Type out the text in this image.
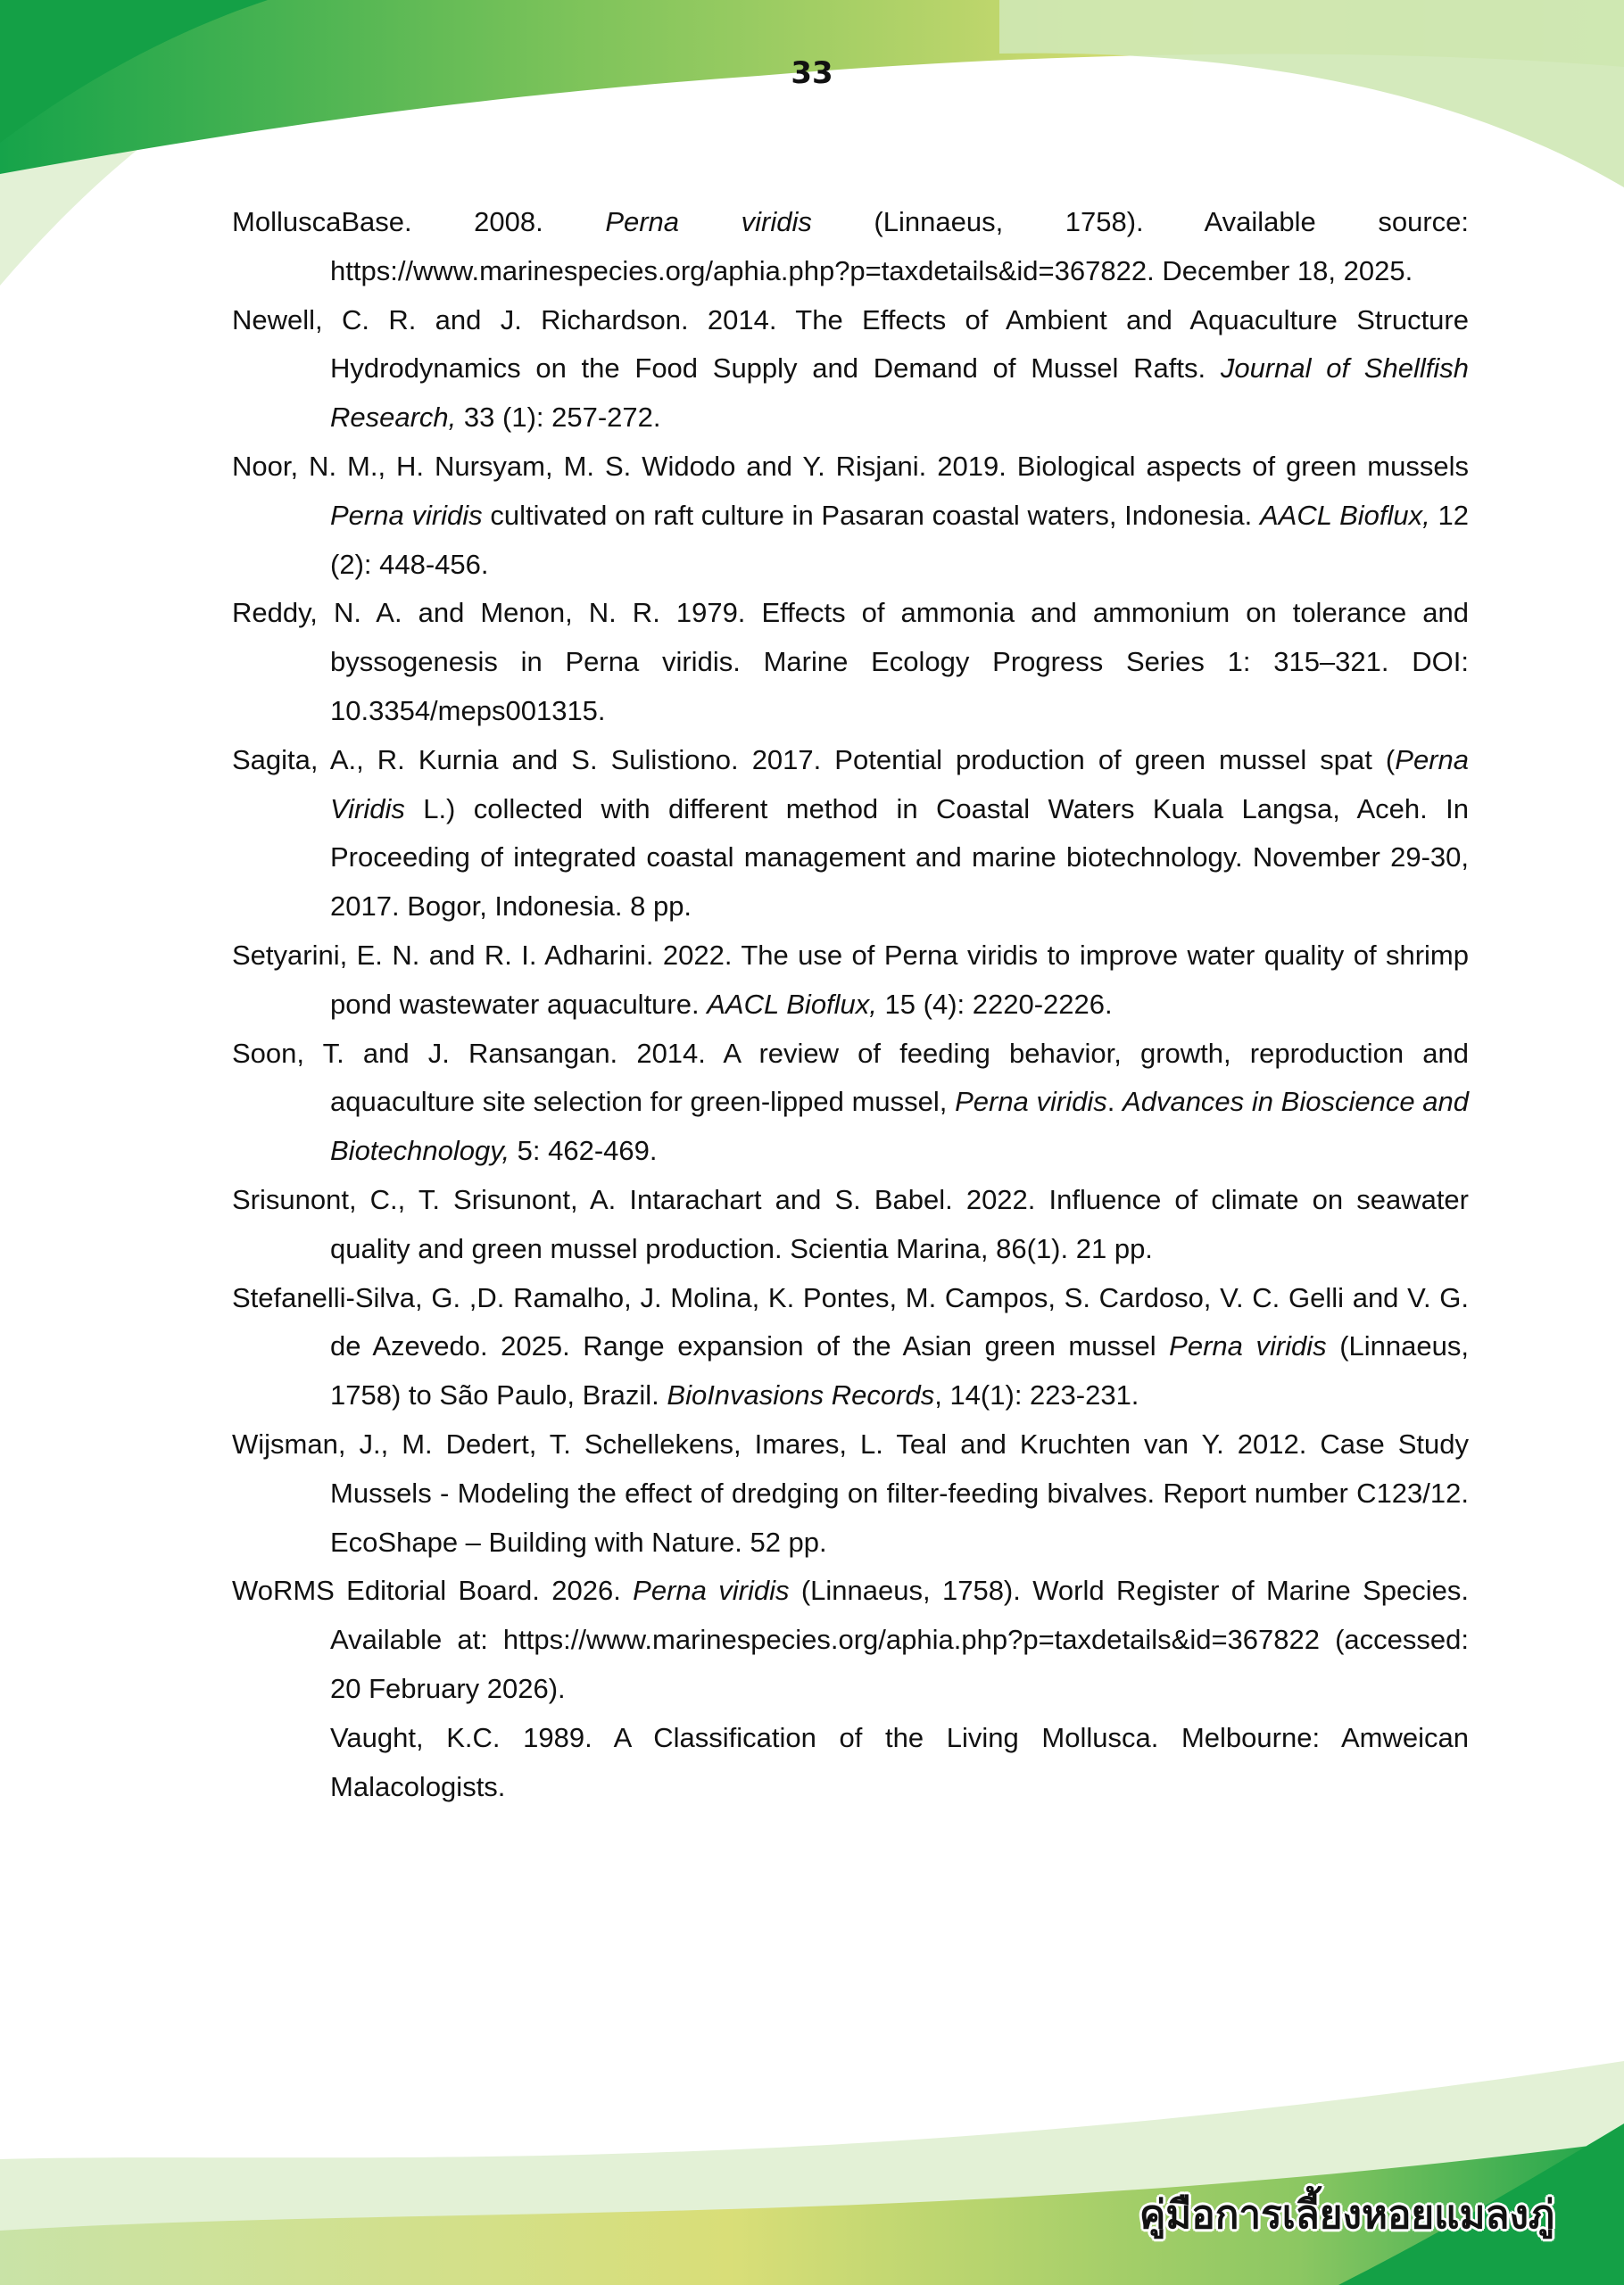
33

MolluscaBase. 2008. Perna viridis (Linnaeus, 1758). Available source: https://www.marinespecies.org/aphia.php?p=taxdetails&id=367822. December 18, 2025.

Newell, C. R. and J. Richardson. 2014. The Effects of Ambient and Aquaculture Structure Hydrodynamics on the Food Supply and Demand of Mussel Rafts. Journal of Shellfish Research, 33 (1): 257-272.

Noor, N. M., H. Nursyam, M. S. Widodo and Y. Risjani. 2019. Biological aspects of green mussels Perna viridis cultivated on raft culture in Pasaran coastal waters, Indonesia. AACL Bioflux, 12 (2): 448-456.

Reddy, N. A. and Menon, N. R. 1979. Effects of ammonia and ammonium on tolerance and byssogenesis in Perna viridis. Marine Ecology Progress Series 1: 315–321. DOI: 10.3354/meps001315.

Sagita, A., R. Kurnia and S. Sulistiono. 2017. Potential production of green mussel spat (Perna Viridis L.) collected with different method in Coastal Waters Kuala Langsa, Aceh. In Proceeding of integrated coastal management and marine biotechnology. November 29-30, 2017. Bogor, Indonesia. 8 pp.

Setyarini, E. N. and R. I. Adharini. 2022. The use of Perna viridis to improve water quality of shrimp pond wastewater aquaculture. AACL Bioflux, 15 (4): 2220-2226.

Soon, T. and J. Ransangan. 2014. A review of feeding behavior, growth, reproduction and aquaculture site selection for green-lipped mussel, Perna viridis. Advances in Bioscience and Biotechnology, 5: 462-469.

Srisunont, C., T. Srisunont, A. Intarachart and S. Babel. 2022. Influence of climate on seawater quality and green mussel production. Scientia Marina, 86(1). 21 pp.

Stefanelli-Silva, G. ,D. Ramalho, J. Molina, K. Pontes, M. Campos, S. Cardoso, V. C. Gelli and V. G. de Azevedo. 2025. Range expansion of the Asian green mussel Perna viridis (Linnaeus, 1758) to São Paulo, Brazil. BioInvasions Records, 14(1): 223-231.

Wijsman, J., M. Dedert, T. Schellekens, Imares, L. Teal and Kruchten van Y. 2012. Case Study Mussels - Modeling the effect of dredging on filter-feeding bivalves. Report number C123/12. EcoShape – Building with Nature. 52 pp.

WoRMS Editorial Board. 2026. Perna viridis (Linnaeus, 1758). World Register of Marine Species. Available at: https://www.marinespecies.org/aphia.php?p=taxdetails&id=367822 (accessed: 20 February 2026).

Vaught, K.C. 1989. A Classification of the Living Mollusca. Melbourne: Amweican Malacologists.

คู่มือการเลี้ยงหอยแมลงภู่
